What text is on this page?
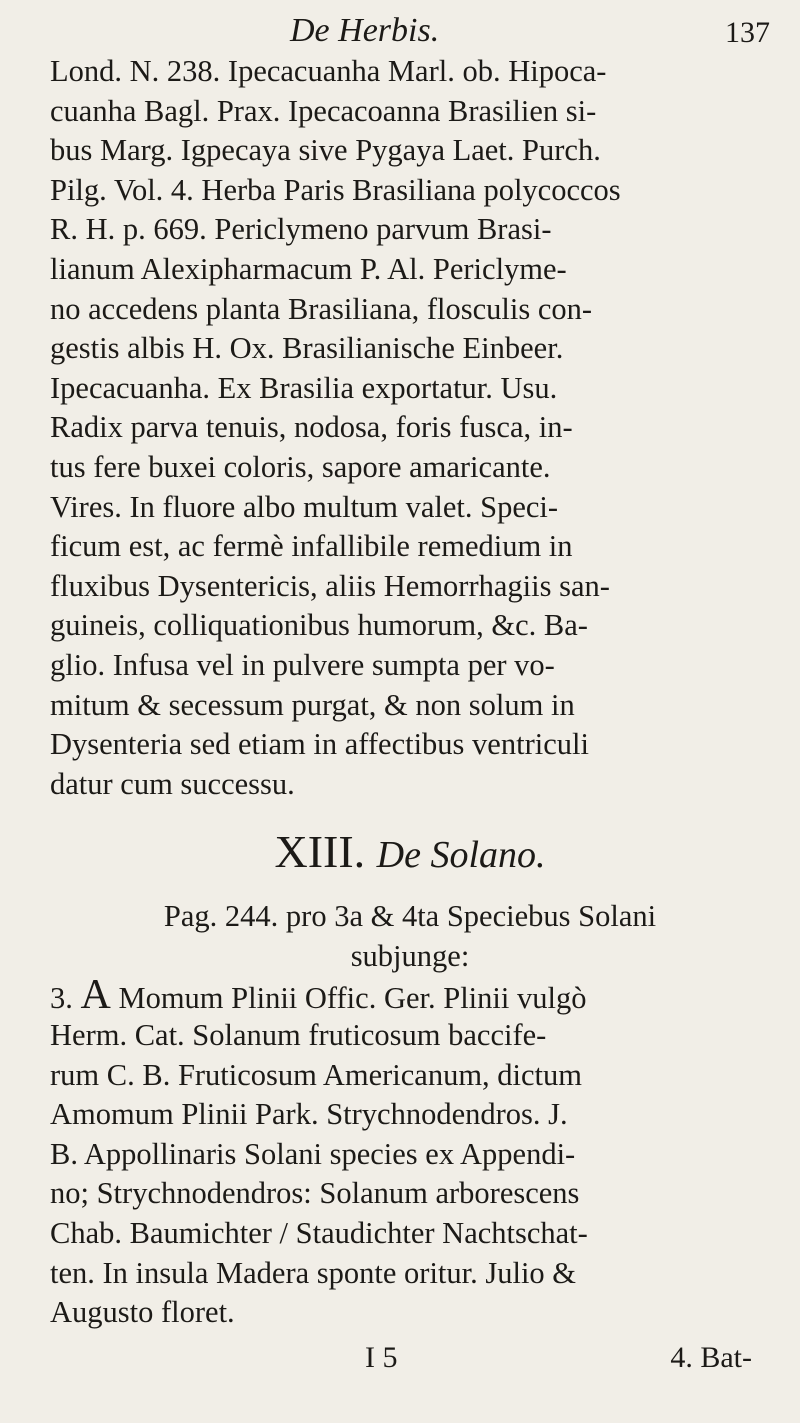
De Herbis.	137
Lond. N. 238. Ipecacuanha Marl. ob. Hipoca-
cuanha Bagl. Prax. Ipecacoanna Brasilien si-
bus Marg. Igpecaya sive Pygaya Laet. Purch.
Pilg. Vol. 4. Herba Paris Brasiliana polycoccos
R. H. p. 669. Periclymeno parvum Brasi-
lianum Alexipharmacum P. Al. Periclyme-
no accedens planta Brasiliana, flosculis con-
gestis albis H. Ox. Brasilianische Einbeer.
Ipecacuanha. Ex Brasilia exportatur. Usu.
Radix parva tenuis, nodosa, foris fusca, in-
tus fere buxei coloris, sapore amaricante.
Vires. In fluore albo multum valet. Speci-
ficum est, ac fermè infallibile remedium in
fluxibus Dysentericis, aliis Hemorrhagiis san-
guineis, colliquationibus humorum, &c. Ba-
glio. Infusa vel in pulvere sumpta per vo-
mitum & secessum purgat, & non solum in
Dysenteria sed etiam in affectibus ventriculi
datur cum successu.
XIII. De Solano.
Pag. 244. pro 3a & 4ta Speciebus Solani
subjunge:
3. A Momum Plinii Offic. Ger. Plinii vulgò
Herm. Cat. Solanum fruticosum baccife-
rum C. B. Fruticosum Americanum, dictum
Amomum Plinii Park. Strychnodendros. J.
B. Appollinaris Solani species ex Appendi-
no; Strychnodendros: Solanum arborescens
Chab. Baumichter / Staudichter Nachtschat-
ten. In insula Madera sponte oritur. Julio &
Augusto floret.
I 5	4. Bat-
